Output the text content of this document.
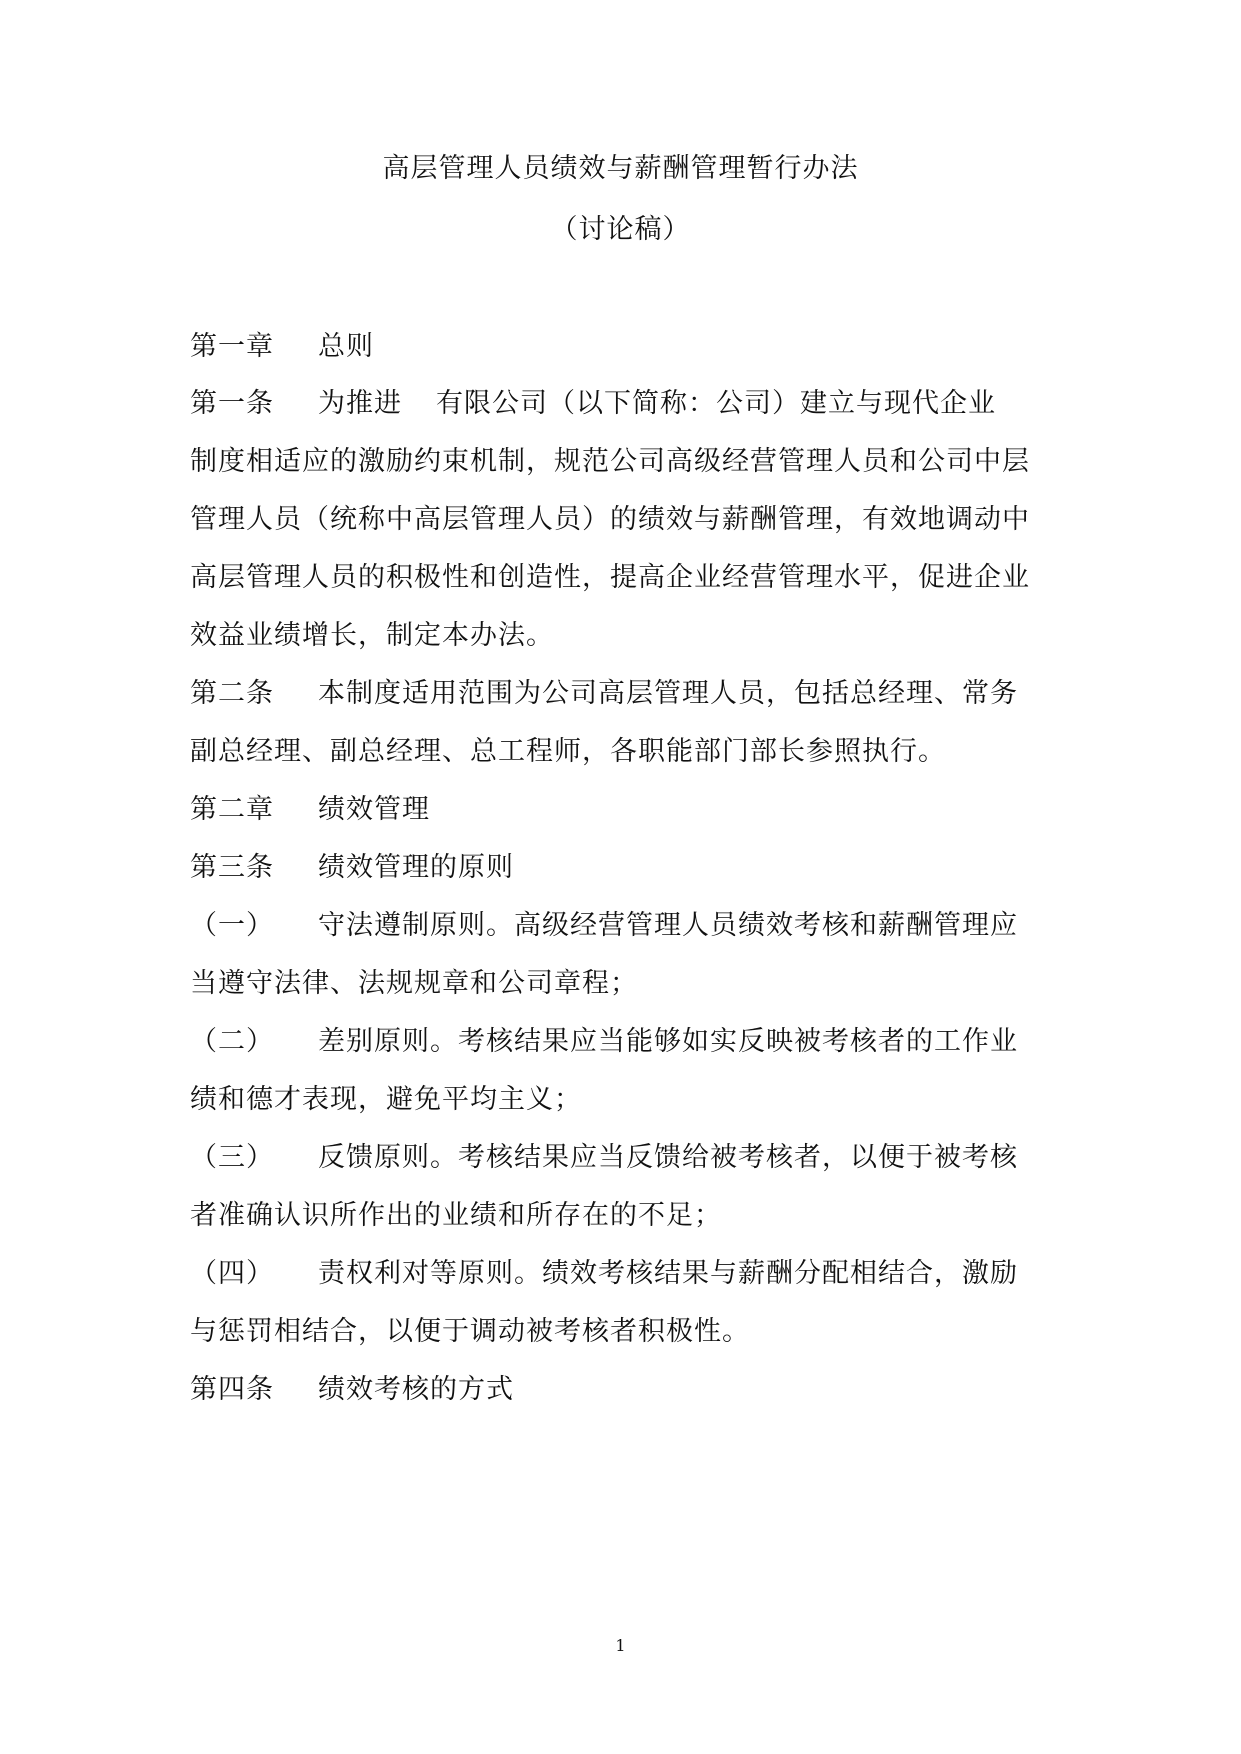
高层管理人员绩效与薪酬管理暂行办法
（讨论稿）
第一章 总则
第一条 为推进 有限公司（以下简称：公司）建立与现代企业
制度相适应的激励约束机制，规范公司高级经营管理人员和公司中层
管理人员（统称中高层管理人员）的绩效与薪酬管理，有效地调动中
高层管理人员的积极性和创造性，提高企业经营管理水平，促进企业
效益业绩增长，制定本办法。
第二条 本制度适用范围为公司高层管理人员，包括总经理、常务
副总经理、副总经理、总工程师，各职能部门部长参照执行。
第二章 绩效管理
第三条 绩效管理的原则
（一） 守法遵制原则。高级经营管理人员绩效考核和薪酬管理应
当遵守法律、法规规章和公司章程；
（二） 差别原则。考核结果应当能够如实反映被考核者的工作业
绩和德才表现，避免平均主义；
（三） 反馈原则。考核结果应当反馈给被考核者，以便于被考核
者准确认识所作出的业绩和所存在的不足；
（四） 责权利对等原则。绩效考核结果与薪酬分配相结合，激励
与惩罚相结合，以便于调动被考核者积极性。
第四条 绩效考核的方式
1
